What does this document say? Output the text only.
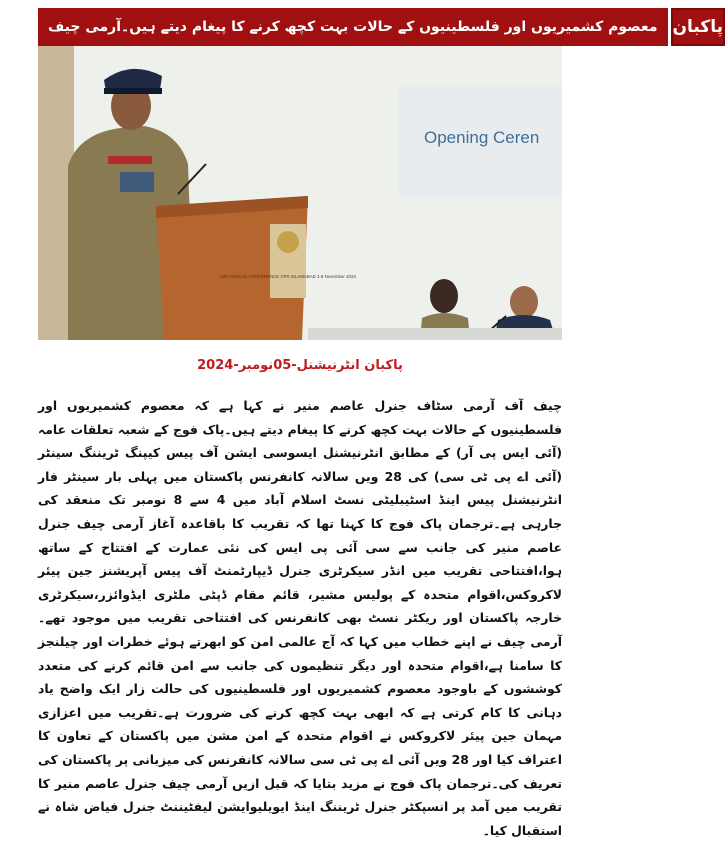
معصوم کشمیریوں اور فلسطینیوں کے حالات بہت کچھ کرنے کا پیغام دیتے ہیں۔آرمی چیف پاکبان
Opening Ceren
28th ANNUAL CONFERENCE CPS ISLAMABAD 4-8 November 2024
پاکبان انٹرنیشنل-05نومبر-2024
چیف آف آرمی سٹاف جنرل عاصم منیر نے کہا ہے کہ معصوم کشمیریوں اور فلسطینیوں کے حالات بہت کچھ کرنے کا پیغام دیتے ہیں۔پاک فوج کے شعبہ تعلقات عامہ (آئی ایس پی آر) کے مطابق انٹرنیشنل ایسوسی ایشن آف پیس کیپنگ ٹریننگ سینٹر (آئی اے پی ٹی سی) کی 28 ویں سالانہ کانفرنس پاکستان میں پہلی بار سینٹر فار انٹرنیشنل پیس اینڈ اسٹیبلیٹی نسٹ اسلام آباد میں 4 سے 8 نومبر تک منعقد کی جارہی ہے۔ترجمان پاک فوج کا کہنا تھا کہ تقریب کا باقاعدہ آغاز آرمی چیف جنرل عاصم منیر کی جانب سے سی آئی پی ایس کی نئی عمارت کے افتتاح کے ساتھ ہوا،افتتاحی تقریب میں انڈر سیکرٹری جنرل ڈیپارٹمنٹ آف پیس آپریشنز جین پیئر لاکروکس،اقوام متحدہ کے پولیس مشیر، قائم مقام ڈپٹی ملٹری ایڈوائزر،سیکرٹری خارجہ پاکستان اور ریکٹر نسٹ بھی کانفرنس کی افتتاحی تقریب میں موجود تھے۔آرمی چیف نے اپنے خطاب میں کہا کہ آج عالمی امن کو ابھرتے ہوئے خطرات اور چیلنجز کا سامنا ہے،اقوام متحدہ اور دیگر تنظیموں کی جانب سے امن قائم کرنے کی متعدد کوششوں کے باوجود معصوم کشمیریوں اور فلسطینیوں کی حالت زار ایک واضح یاد دہانی کا کام کرتی ہے کہ ابھی بہت کچھ کرنے کی ضرورت ہے۔تقریب میں اعزازی مہمان جین پیئر لاکروکس نے اقوام متحدہ کے امن مشن میں پاکستان کے تعاون کا اعتراف کیا اور 28 ویں آئی اے پی ٹی سی سالانہ کانفرنس کی میزبانی پر پاکستان کی تعریف کی۔ترجمان پاک فوج نے مزید بتایا کہ قبل ازیں آرمی چیف جنرل عاصم منیر کا تقریب میں آمد پر انسپکٹر جنرل ٹریننگ اینڈ ایویلیوایشن لیفٹیننٹ جنرل فیاض شاہ نے استقبال کیا۔
